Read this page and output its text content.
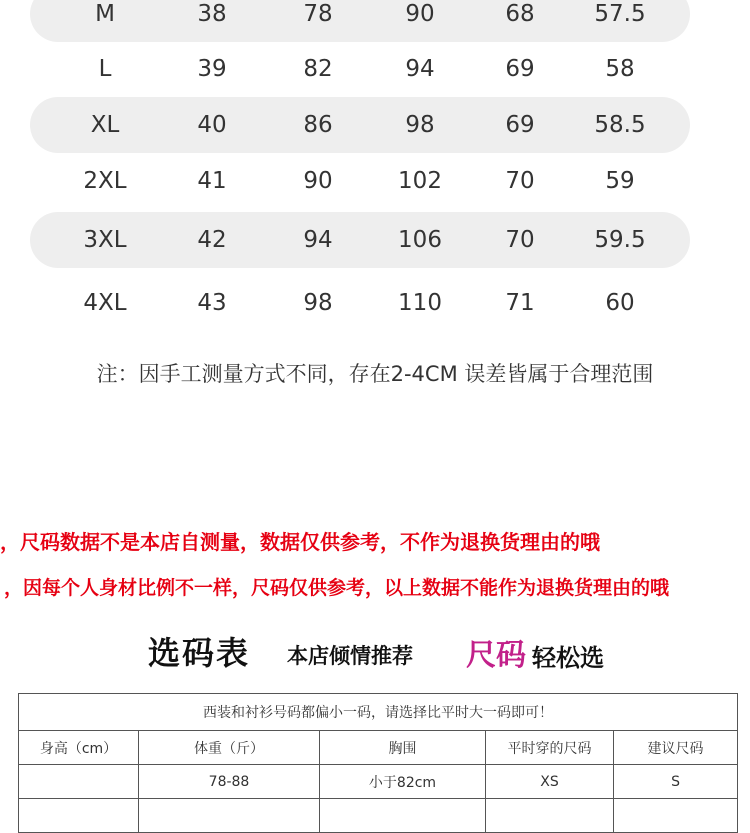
M	38	78	90	68	57.5
L	39	82	94	69	58
XL	40	86	98	69	58.5
2XL	41	90	102	70	59
3XL	42	94	106	70	59.5
4XL	43	98	110	71	60
注：因手工测量方式不同，存在2-4CM 误差皆属于合理范围
，尺码数据不是本店自测量，数据仅供参考，不作为退换货理由的哦
，因每个人身材比例不一样，尺码仅供参考，以上数据不能作为退换货理由的哦
选码表 本店倾情推荐 尺码 轻松选
西装和衬衫号码都偏小一码，请选择比平时大一码即可！				
身高（cm）	体重（斤）	胸围	平时穿的尺码	建议尺码
	78-88	小于82cm	XS	S
